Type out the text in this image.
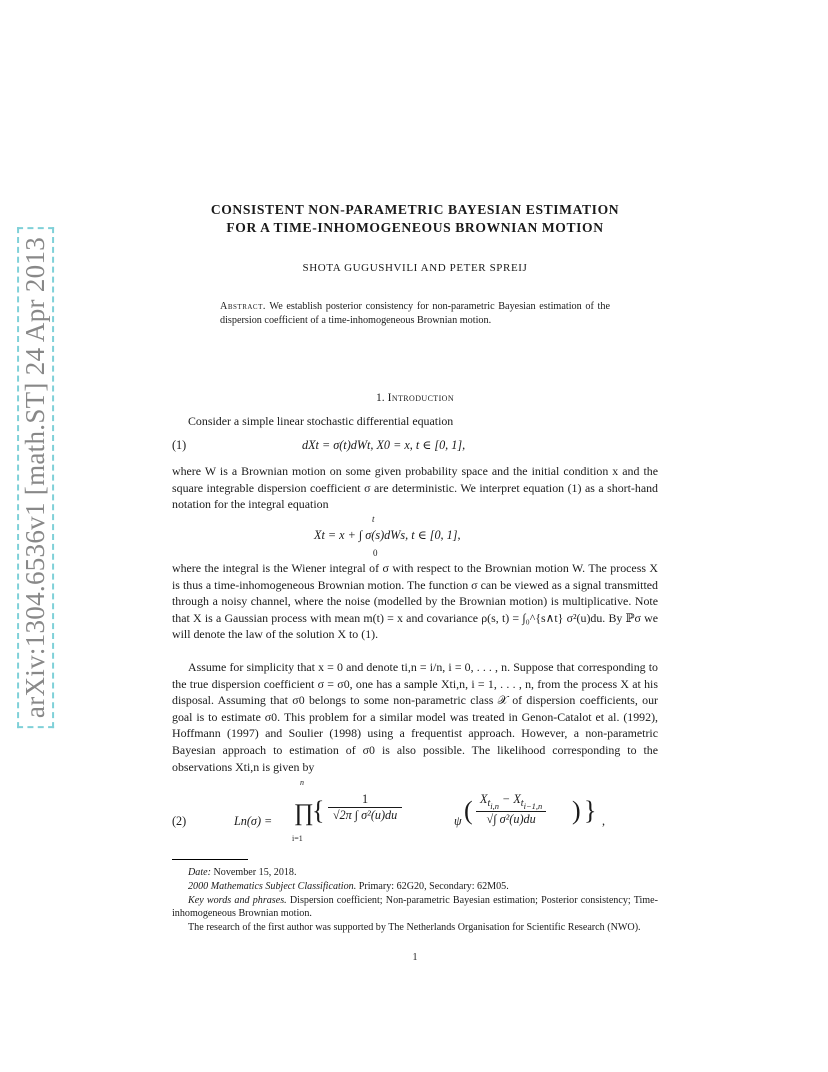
arXiv:1304.6536v1 [math.ST] 24 Apr 2013
CONSISTENT NON-PARAMETRIC BAYESIAN ESTIMATION
FOR A TIME-INHOMOGENEOUS BROWNIAN MOTION
SHOTA GUGUSHVILI AND PETER SPREIJ
Abstract. We establish posterior consistency for non-parametric Bayesian estimation of the dispersion coefficient of a time-inhomogeneous Brownian motion.
1. Introduction
Consider a simple linear stochastic differential equation
(1)	dXt = σ(t)dWt, X0 = x, t ∈ [0, 1],
where W is a Brownian motion on some given probability space and the initial condition x and the square integrable dispersion coefficient σ are deterministic. We interpret equation (1) as a short-hand notation for the integral equation
Xt = x + ∫ σ(s)dWs, t ∈ [0, 1],
t
0
where the integral is the Wiener integral of σ with respect to the Brownian motion W. The process X is thus a time-inhomogeneous Brownian motion. The function σ can be viewed as a signal transmitted through a noisy channel, where the noise (modelled by the Brownian motion) is multiplicative. Note that X is a Gaussian process with mean m(t) = x and covariance ρ(s, t) = ∫₀^{s∧t} σ²(u)du. By ℙσ we will denote the law of the solution X to (1).
Assume for simplicity that x = 0 and denote ti,n = i/n, i = 0, . . . , n. Suppose that corresponding to the true dispersion coefficient σ = σ0, one has a sample Xti,n, i = 1, . . . , n, from the process X at his disposal. Assuming that σ0 belongs to some non-parametric class 𝒳 of dispersion coefficients, our goal is to estimate σ0. This problem for a similar model was treated in Genon-Catalot et al. (1992), Hoffmann (1997) and Soulier (1998) using a frequentist approach. However, a non-parametric Bayesian approach to estimation of σ0 is also possible. The likelihood corresponding to the observations Xti,n is given by
(2)	Ln(σ) = ∏
n
i=1
{ $\frac{1}{\text{√2π ∫ σ²(u)du}}$	ψ ( $\frac{X_{t_{i,n}} - X_{t_{i-1,n}}}{\text{√∫ σ²(u)du}}$ ) } ,
Date: November 15, 2018.
2000 Mathematics Subject Classification. Primary: 62G20, Secondary: 62M05.
Key words and phrases. Dispersion coefficient; Non-parametric Bayesian estimation; Posterior consistency; Time-inhomogeneous Brownian motion.
The research of the first author was supported by The Netherlands Organisation for Scientific Research (NWO).
1
